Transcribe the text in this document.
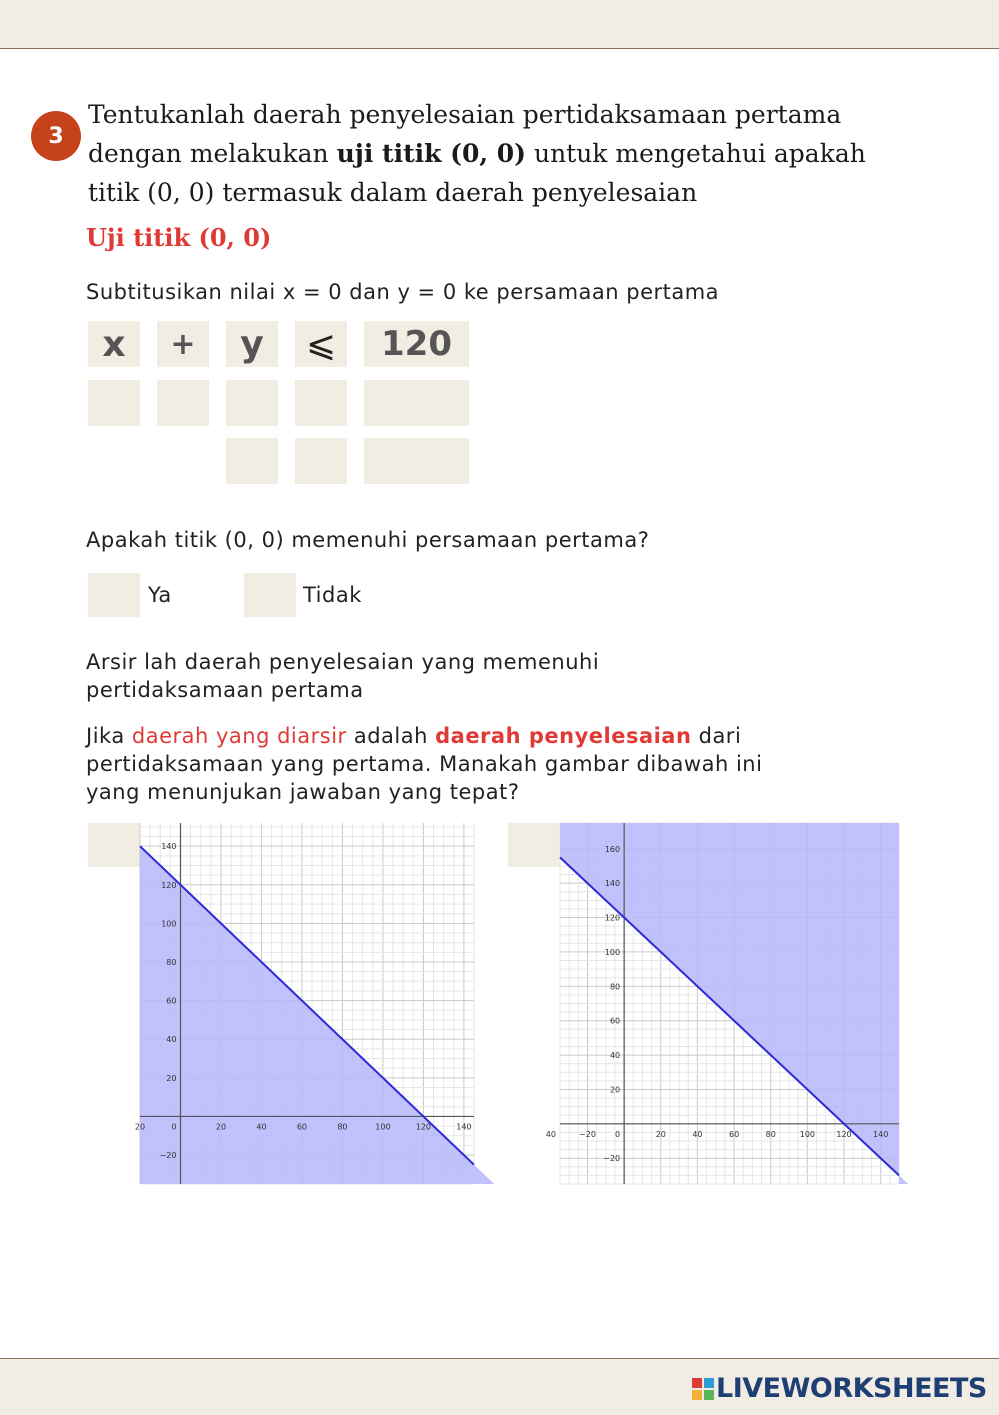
3

Tentukanlah daerah penyelesaian pertidaksamaan pertama dengan melakukan uji titik (0, 0) untuk mengetahui apakah titik (0, 0) termasuk dalam daerah penyelesaian

Uji titik (0, 0)

Subtitusikan nilai x = 0 dan y = 0 ke persamaan pertama

x	+	y	⩽	120

Apakah titik (0, 0) memenuhi persamaan pertama?

Ya	Tidak

Arsir lah daerah penyelesaian yang memenuhi pertidaksamaan pertama

Jika daerah yang diarsir adalah daerah penyelesaian dari pertidaksamaan yang pertama. Manakah gambar dibawah ini yang menunjukan jawaban yang tepat?

20	20	40	60	80	100	120	140
0
140
120
100
80
60
40
20
−20
40	−20	20	40	60	80	100	120	140
0
160
140
120
100
80
60
40
20
−20
LIVEWORKSHEETS
